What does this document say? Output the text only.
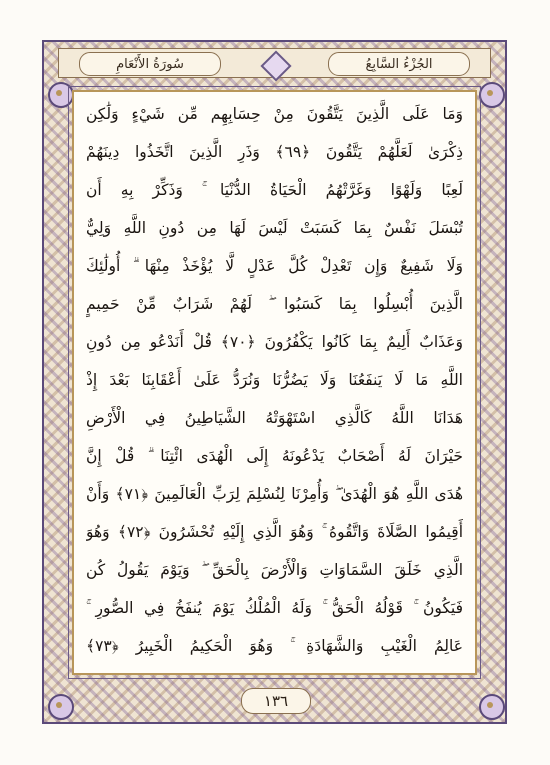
سُورَةُ الأَنْعَامِ	الجُزْءُ السَّابِعُ
وَمَا عَلَى الَّذِينَ يَتَّقُونَ مِنْ حِسَابِهِم مِّن شَيْءٍ وَلَٰكِن
ذِكْرَىٰ لَعَلَّهُمْ يَتَّقُونَ ﴿٦٩﴾ وَذَرِ الَّذِينَ اتَّخَذُوا دِينَهُمْ
لَعِبًا وَلَهْوًا وَغَرَّتْهُمُ الْحَيَاةُ الدُّنْيَا ۚ وَذَكِّرْ بِهِ أَن
تُبْسَلَ نَفْسٌ بِمَا كَسَبَتْ لَيْسَ لَهَا مِن دُونِ اللَّهِ وَلِيٌّ
وَلَا شَفِيعٌ وَإِن تَعْدِلْ كُلَّ عَدْلٍ لَّا يُؤْخَذْ مِنْهَا ۗ أُولَٰئِكَ
الَّذِينَ أُبْسِلُوا بِمَا كَسَبُوا ۖ لَهُمْ شَرَابٌ مِّنْ حَمِيمٍ
وَعَذَابٌ أَلِيمٌ بِمَا كَانُوا يَكْفُرُونَ ﴿٧٠﴾ قُلْ أَنَدْعُو مِن دُونِ
اللَّهِ مَا لَا يَنفَعُنَا وَلَا يَضُرُّنَا وَنُرَدُّ عَلَىٰ أَعْقَابِنَا بَعْدَ إِذْ
هَدَانَا اللَّهُ كَالَّذِي اسْتَهْوَتْهُ الشَّيَاطِينُ فِي الْأَرْضِ
حَيْرَانَ لَهُ أَصْحَابٌ يَدْعُونَهُ إِلَى الْهُدَى ائْتِنَا ۗ قُلْ إِنَّ
هُدَى اللَّهِ هُوَ الْهُدَىٰ ۖ وَأُمِرْنَا لِنُسْلِمَ لِرَبِّ الْعَالَمِينَ ﴿٧١﴾ وَأَنْ
أَقِيمُوا الصَّلَاةَ وَاتَّقُوهُ ۚ وَهُوَ الَّذِي إِلَيْهِ تُحْشَرُونَ ﴿٧٢﴾ وَهُوَ
الَّذِي خَلَقَ السَّمَاوَاتِ وَالْأَرْضَ بِالْحَقِّ ۖ وَيَوْمَ يَقُولُ كُن
فَيَكُونُ ۚ قَوْلُهُ الْحَقُّ ۚ وَلَهُ الْمُلْكُ يَوْمَ يُنفَخُ فِي الصُّورِ ۚ
عَالِمُ الْغَيْبِ وَالشَّهَادَةِ ۚ وَهُوَ الْحَكِيمُ الْخَبِيرُ ﴿٧٣﴾
١٣٦
